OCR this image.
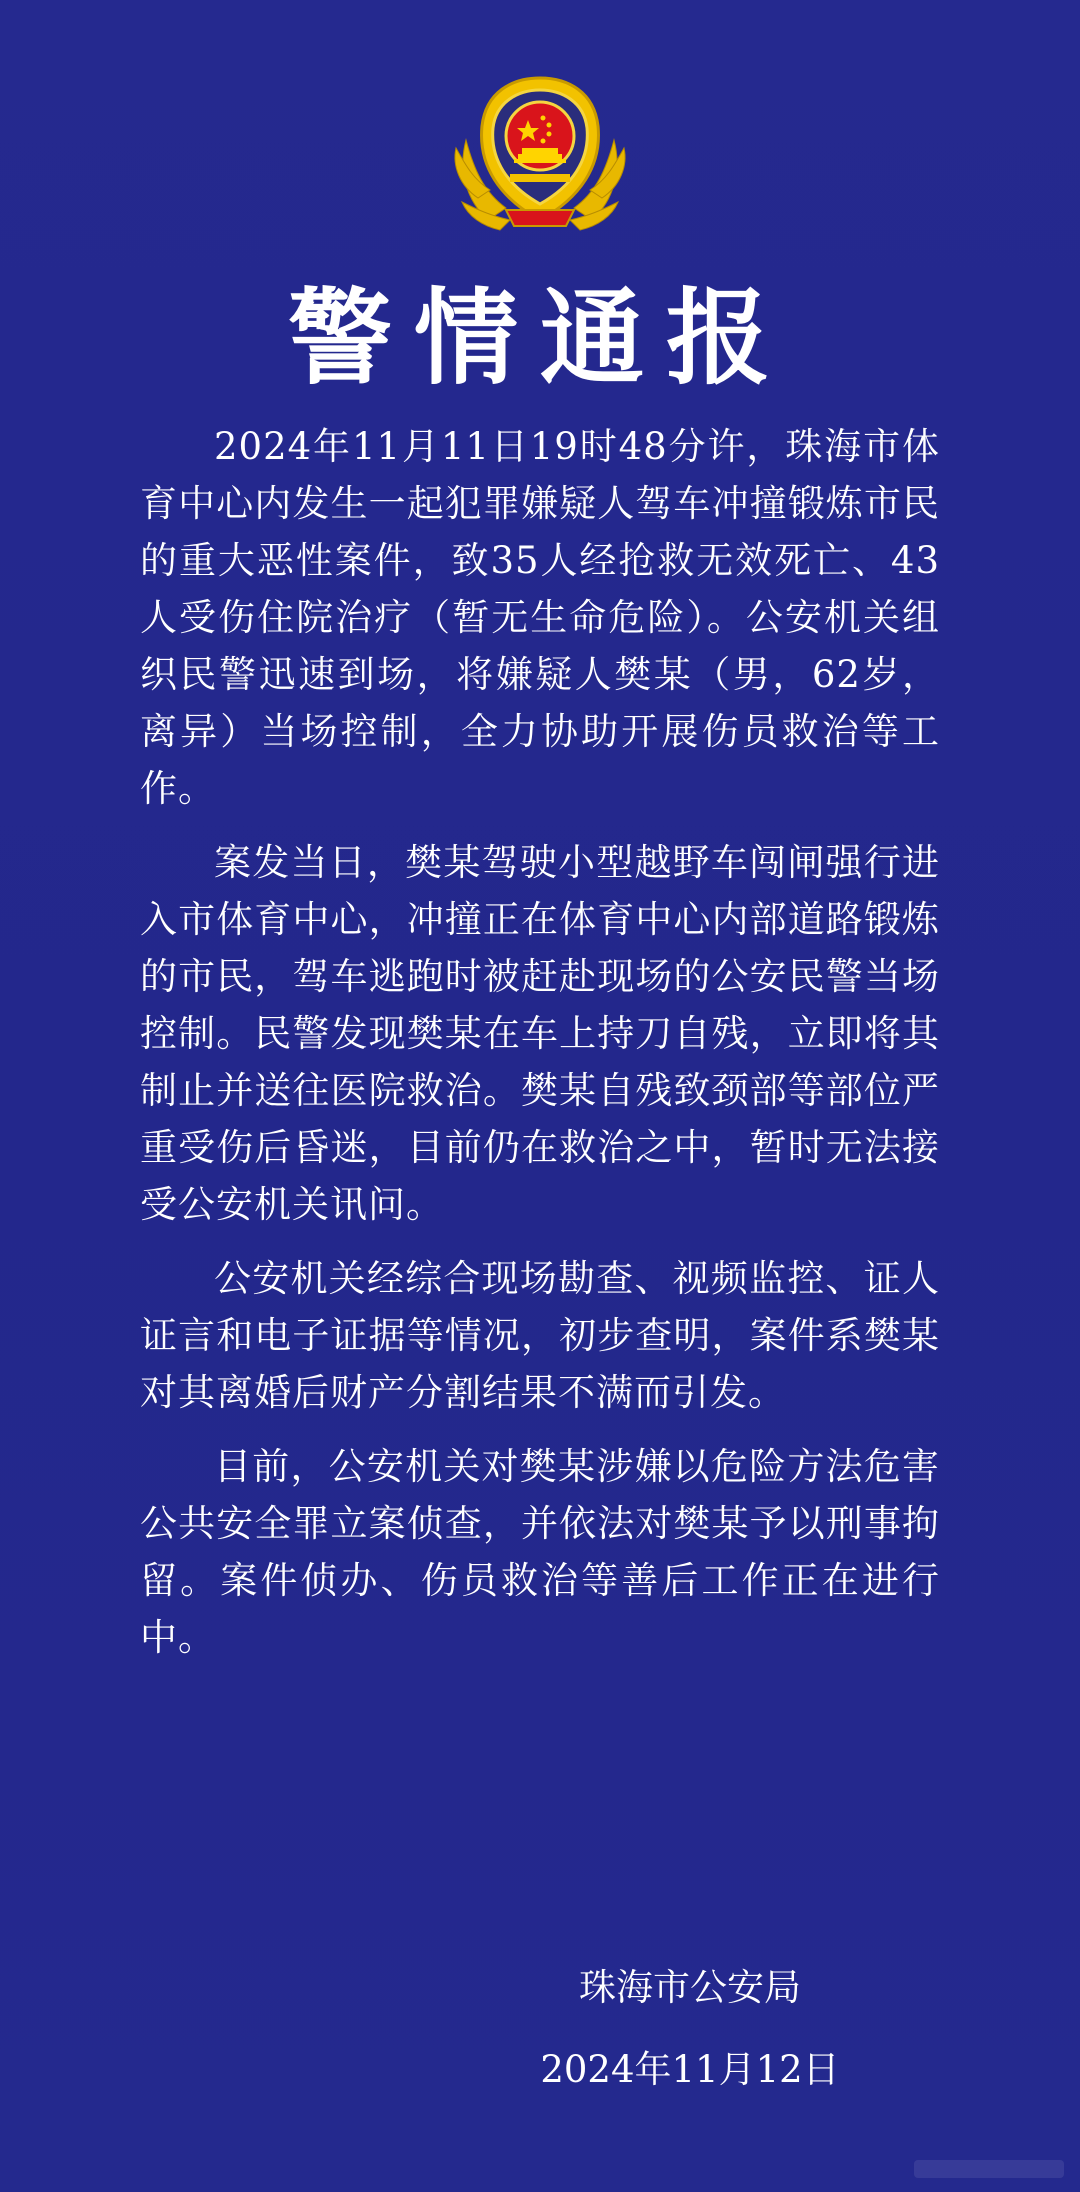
警情通报

2024年11月11日19时48分许，珠海市体育中心内发生一起犯罪嫌疑人驾车冲撞锻炼市民的重大恶性案件，致35人经抢救无效死亡、43人受伤住院治疗（暂无生命危险）。公安机关组织民警迅速到场，将嫌疑人樊某（男，62岁，离异）当场控制，全力协助开展伤员救治等工作。

案发当日，樊某驾驶小型越野车闯闸强行进入市体育中心，冲撞正在体育中心内部道路锻炼的市民，驾车逃跑时被赶赴现场的公安民警当场控制。民警发现樊某在车上持刀自残，立即将其制止并送往医院救治。樊某自残致颈部等部位严重受伤后昏迷，目前仍在救治之中，暂时无法接受公安机关讯问。

公安机关经综合现场勘查、视频监控、证人证言和电子证据等情况，初步查明，案件系樊某对其离婚后财产分割结果不满而引发。

目前，公安机关对樊某涉嫌以危险方法危害公共安全罪立案侦查，并依法对樊某予以刑事拘留。案件侦办、伤员救治等善后工作正在进行中。

珠海市公安局
2024年11月12日
